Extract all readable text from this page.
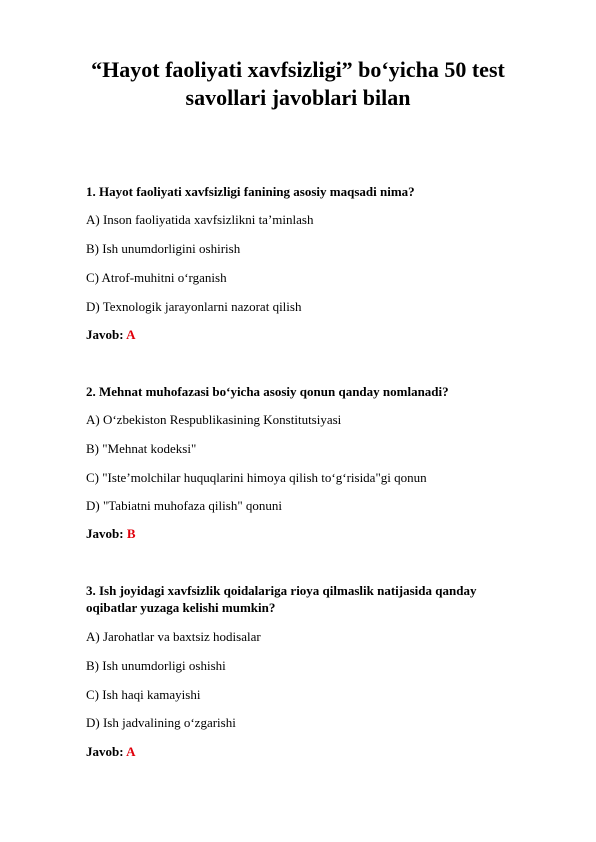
“Hayot faoliyati xavfsizligi” bo‘yicha 50 test savollari javoblari bilan
1. Hayot faoliyati xavfsizligi fanining asosiy maqsadi nima?
A) Inson faoliyatida xavfsizlikni ta’minlash
B) Ish unumdorligini oshirish
C) Atrof-muhitni o‘rganish
D) Texnologik jarayonlarni nazorat qilish
Javob: A
2. Mehnat muhofazasi bo‘yicha asosiy qonun qanday nomlanadi?
A) O‘zbekiston Respublikasining Konstitutsiyasi
B) "Mehnat kodeksi"
C) "Iste’molchilar huquqlarini himoya qilish to‘g‘risida"gi qonun
D) "Tabiatni muhofaza qilish" qonuni
Javob: B
3. Ish joyidagi xavfsizlik qoidalariga rioya qilmaslik natijasida qanday oqibatlar yuzaga kelishi mumkin?
A) Jarohatlar va baxtsiz hodisalar
B) Ish unumdorligi oshishi
C) Ish haqi kamayishi
D) Ish jadvalining o‘zgarishi
Javob: A
